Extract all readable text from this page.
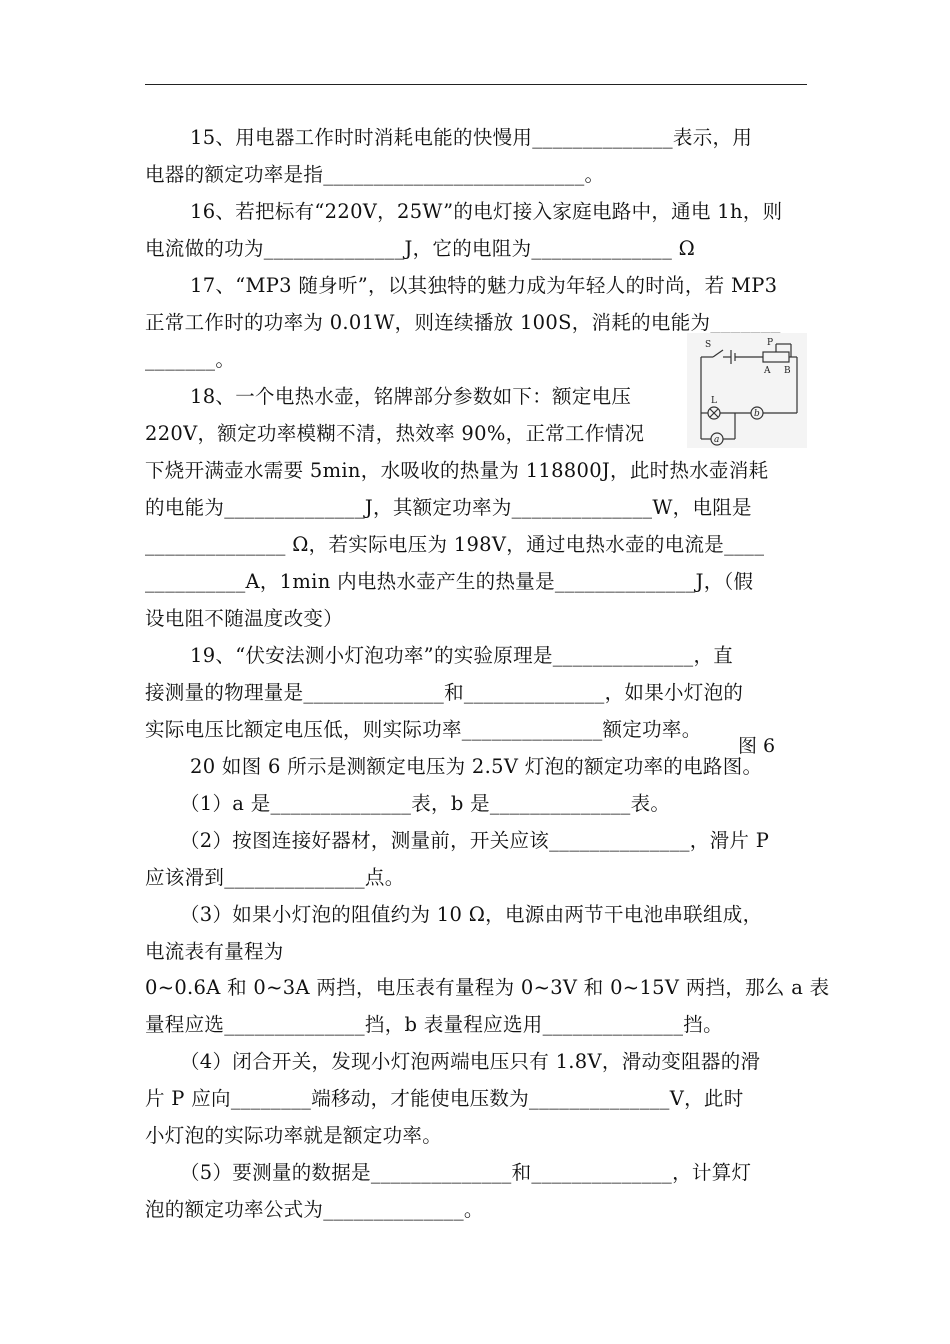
15、用电器工作时时消耗电能的快慢用______________表示，用
电器的额定功率是指__________________________。
16、若把标有“220V，25W”的电灯接入家庭电路中，通电 1h，则
电流做的功为______________J，它的电阻为______________ Ω
17、“MP3 随身听”，以其独特的魅力成为年轻人的时尚，若 MP3
正常工作时的功率为 0.01W，则连续播放 100S，消耗的电能为_______
_______。
18、一个电热水壶，铭牌部分参数如下：额定电压
220V，额定功率模糊不清，热效率 90%，正常工作情况
下烧开满壶水需要 5min，水吸收的热量为 118800J，此时热水壶消耗
的电能为______________J，其额定功率为______________W，电阻是
______________ Ω，若实际电压为 198V，通过电热水壶的电流是____
__________A，1min 内电热水壶产生的热量是______________J，（假
设电阻不随温度改变）
19、“伏安法测小灯泡功率”的实验原理是______________，直
接测量的物理量是______________和______________，如果小灯泡的
实际电压比额定电压低，则实际功率______________额定功率。
图 6
20 如图 6 所示是测额定电压为 2.5V 灯泡的额定功率的电路图。
（1）a 是______________表，b 是______________表。
（2）按图连接好器材，测量前，开关应该______________，滑片 P
应该滑到______________点。
（3）如果小灯泡的阻值约为 10 Ω，电源由两节干电池串联组成，
电流表有量程为
0~0.6A 和 0~3A 两挡，电压表有量程为 0~3V 和 0~15V 两挡，那么 a 表
量程应选______________挡，b 表量程应选用______________挡。
（4）闭合开关，发现小灯泡两端电压只有 1.8V，滑动变阻器的滑
片 P 应向________端移动，才能使电压数为______________V，此时
小灯泡的实际功率就是额定功率。
（5）要测量的数据是______________和______________，计算灯
泡的额定功率公式为______________。
S	P
A B
L
b
a
